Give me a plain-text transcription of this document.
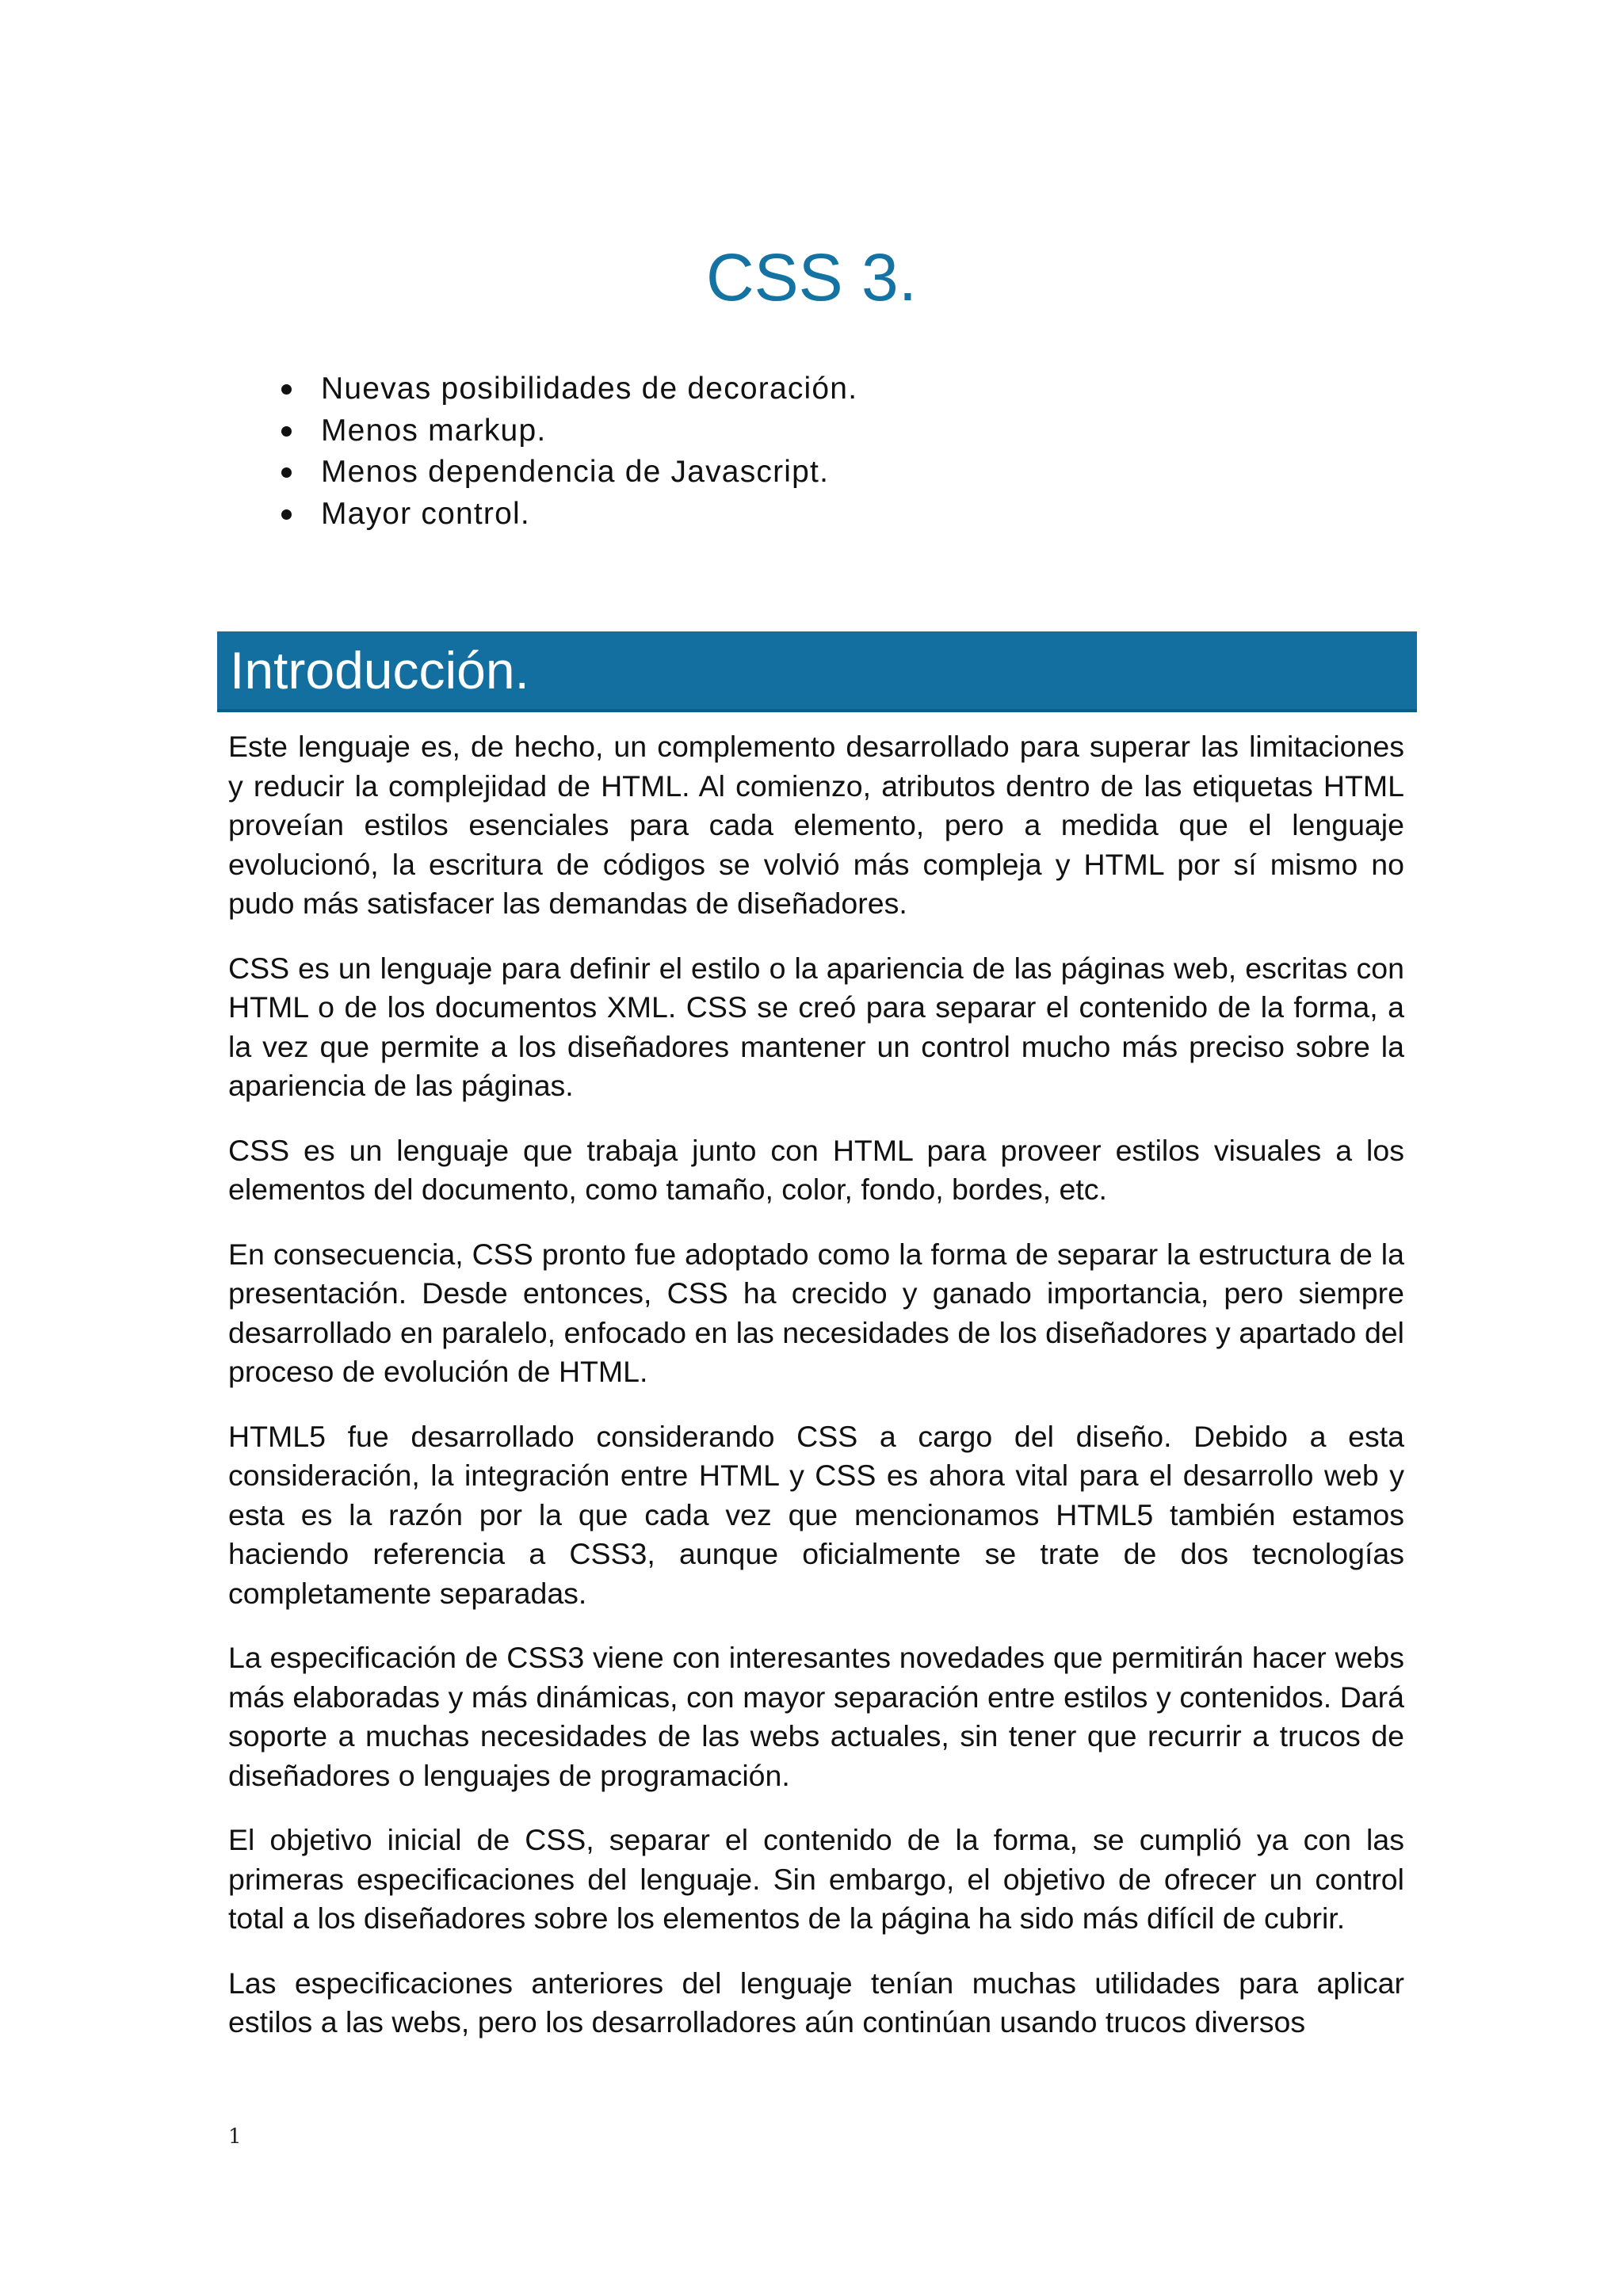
CSS 3.
Nuevas posibilidades de decoración.
Menos markup.
Menos dependencia de Javascript.
Mayor control.
Introducción.

Este lenguaje es, de hecho, un complemento desarrollado para superar las limitaciones y reducir la complejidad de HTML. Al comienzo, atributos dentro de las etiquetas HTML proveían estilos esenciales para cada elemento, pero a medida que el lenguaje evolucionó, la escritura de códigos se volvió más compleja y HTML por sí mismo no pudo más satisfacer las demandas de diseñadores.

CSS es un lenguaje para definir el estilo o la apariencia de las páginas web, escritas con HTML o de los documentos XML. CSS se creó para separar el contenido de la forma, a la vez que permite a los diseñadores mantener un control mucho más preciso sobre la apariencia de las páginas.

CSS es un lenguaje que trabaja junto con HTML para proveer estilos visuales a los elementos del documento, como tamaño, color, fondo, bordes, etc.

En consecuencia, CSS pronto fue adoptado como la forma de separar la estructura de la presentación. Desde entonces, CSS ha crecido y ganado importancia, pero siempre desarrollado en paralelo, enfocado en las necesidades de los diseñadores y apartado del proceso de evolución de HTML.

HTML5 fue desarrollado considerando CSS a cargo del diseño. Debido a esta consideración, la integración entre HTML y CSS es ahora vital para el desarrollo web y esta es la razón por la que cada vez que mencionamos HTML5 también estamos haciendo referencia a CSS3, aunque oficialmente se trate de dos tecnologías completamente separadas.

La especificación de CSS3 viene con interesantes novedades que permitirán hacer webs más elaboradas y más dinámicas, con mayor separación entre estilos y contenidos. Dará soporte a muchas necesidades de las webs actuales, sin tener que recurrir a trucos de diseñadores o lenguajes de programación.

El objetivo inicial de CSS, separar el contenido de la forma, se cumplió ya con las primeras especificaciones del lenguaje. Sin embargo, el objetivo de ofrecer un control total a los diseñadores sobre los elementos de la página ha sido más difícil de cubrir.

Las especificaciones anteriores del lenguaje tenían muchas utilidades para aplicar estilos a las webs, pero los desarrolladores aún continúan usando trucos diversos

1
